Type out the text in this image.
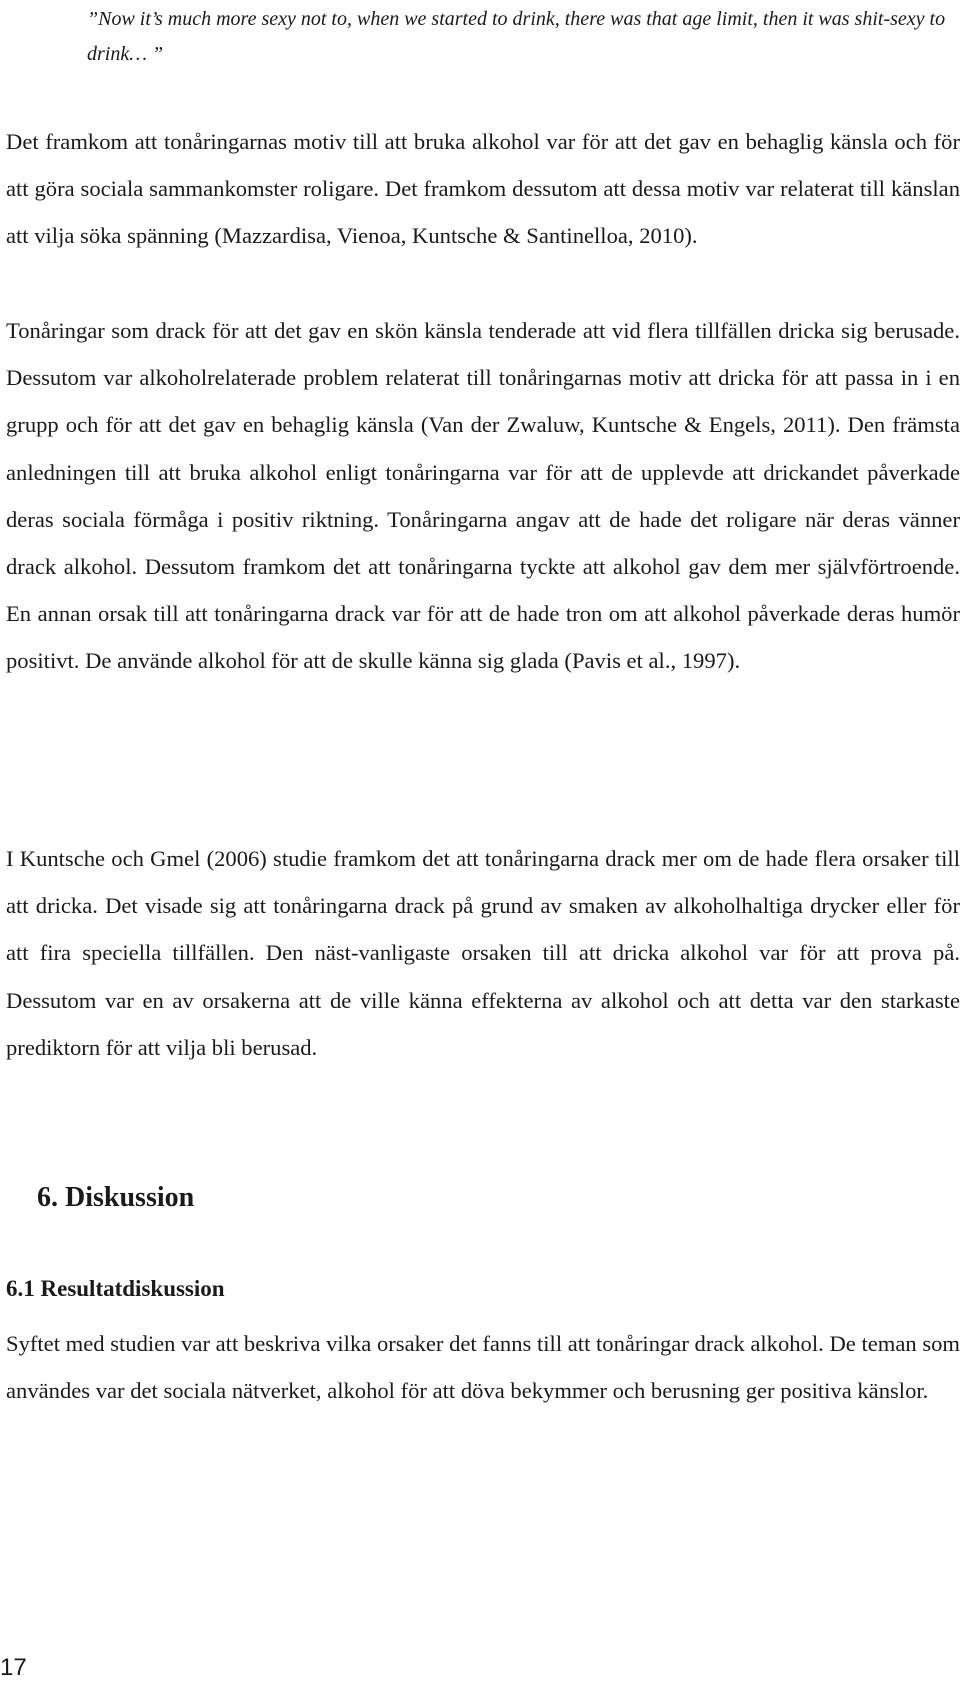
”Now it’s much more sexy not to, when we started to drink, there was that age limit, then it was shit-sexy to drink… ”

Det framkom att tonåringarnas motiv till att bruka alkohol var för att det gav en behaglig känsla och för att göra sociala sammankomster roligare. Det framkom dessutom att dessa motiv var relaterat till känslan att vilja söka spänning (Mazzardisa, Vienoa, Kuntsche & Santinelloa, 2010).

Tonåringar som drack för att det gav en skön känsla tenderade att vid flera tillfällen dricka sig berusade. Dessutom var alkoholrelaterade problem relaterat till tonåringarnas motiv att dricka för att passa in i en grupp och för att det gav en behaglig känsla (Van der Zwaluw, Kuntsche & Engels, 2011). Den främsta anledningen till att bruka alkohol enligt tonåringarna var för att de upplevde att drickandet påverkade deras sociala förmåga i positiv riktning. Tonåringarna angav att de hade det roligare när deras vänner drack alkohol. Dessutom framkom det att tonåringarna tyckte att alkohol gav dem mer självförtroende. En annan orsak till att tonåringarna drack var för att de hade tron om att alkohol påverkade deras humör positivt. De använde alkohol för att de skulle känna sig glada (Pavis et al., 1997).

I Kuntsche och Gmel (2006) studie framkom det att tonåringarna drack mer om de hade flera orsaker till att dricka. Det visade sig att tonåringarna drack på grund av smaken av alkoholhaltiga drycker eller för att fira speciella tillfällen. Den näst-vanligaste orsaken till att dricka alkohol var för att prova på. Dessutom var en av orsakerna att de ville känna effekterna av alkohol och att detta var den starkaste prediktorn för att vilja bli berusad.

6. Diskussion
6.1 Resultatdiskussion

Syftet med studien var att beskriva vilka orsaker det fanns till att tonåringar drack alkohol. De teman som användes var det sociala nätverket, alkohol för att döva bekymmer och berusning ger positiva känslor.

17
